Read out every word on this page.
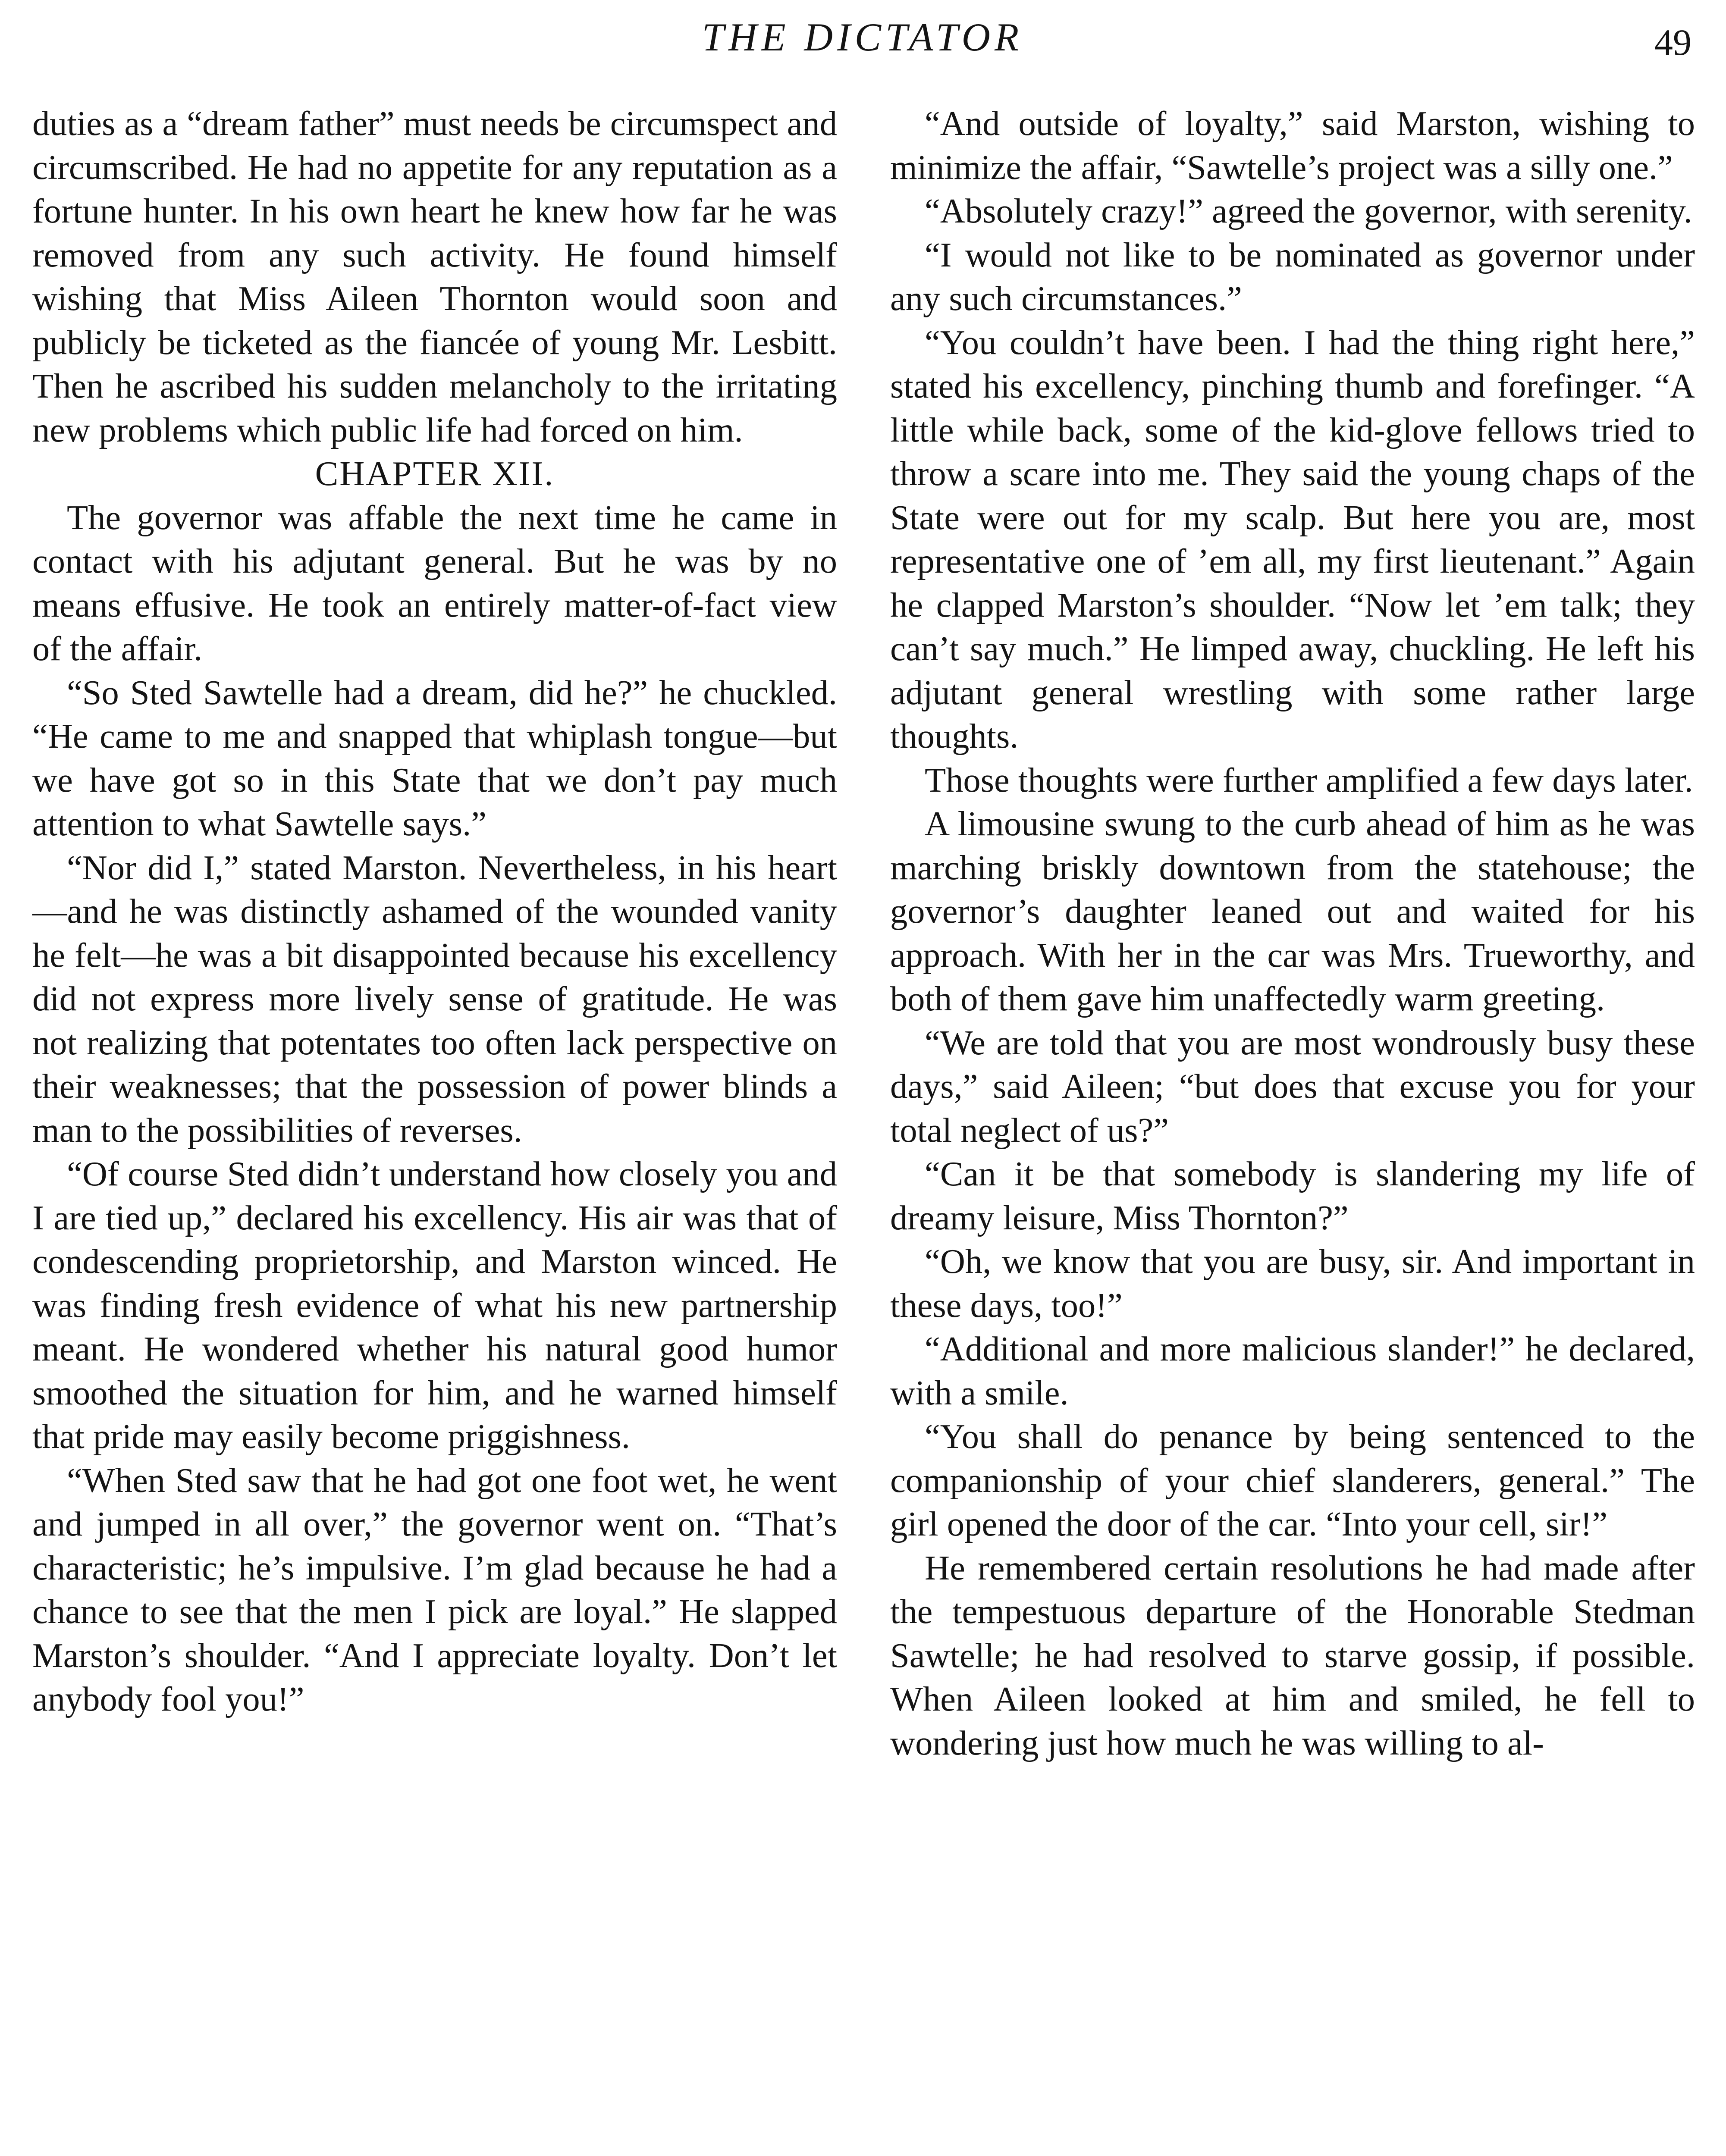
THE DICTATOR	49

duties as a “dream father” must needs be circumspect and circumscribed. He had no appetite for any reputation as a fortune hunter. In his own heart he knew how far he was removed from any such activity. He found himself wishing that Miss Aileen Thornton would soon and publicly be ticketed as the fiancée of young Mr. Lesbitt. Then he ascribed his sudden melancholy to the irritating new problems which public life had forced on him.

CHAPTER XII.

The governor was affable the next time he came in contact with his adjutant general. But he was by no means effusive. He took an entirely matter-of-fact view of the affair.

“So Sted Sawtelle had a dream, did he?” he chuckled. “He came to me and snapped that whiplash tongue—but we have got so in this State that we don’t pay much attention to what Sawtelle says.”

“Nor did I,” stated Marston. Nevertheless, in his heart—and he was distinctly ashamed of the wounded vanity he felt—he was a bit disappointed because his excellency did not express more lively sense of gratitude. He was not realizing that potentates too often lack perspective on their weaknesses; that the possession of power blinds a man to the possibilities of reverses.

“Of course Sted didn’t understand how closely you and I are tied up,” declared his excellency. His air was that of condescending proprietorship, and Marston winced. He was finding fresh evidence of what his new partnership meant. He wondered whether his natural good humor smoothed the situation for him, and he warned himself that pride may easily become priggishness.

“When Sted saw that he had got one foot wet, he went and jumped in all over,” the governor went on. “That’s characteristic; he’s impulsive. I’m glad because he had a chance to see that the men I pick are loyal.” He slapped Marston’s shoulder. “And I appreciate loyalty. Don’t let anybody fool you!”

“And outside of loyalty,” said Marston, wishing to minimize the affair, “Sawtelle’s project was a silly one.”

“Absolutely crazy!” agreed the governor, with serenity.

“I would not like to be nominated as governor under any such circumstances.”

“You couldn’t have been. I had the thing right here,” stated his excellency, pinching thumb and forefinger. “A little while back, some of the kid-glove fellows tried to throw a scare into me. They said the young chaps of the State were out for my scalp. But here you are, most representative one of ’em all, my first lieutenant.” Again he clapped Marston’s shoulder. “Now let ’em talk; they can’t say much.” He limped away, chuckling. He left his adjutant general wrestling with some rather large thoughts.

Those thoughts were further amplified a few days later.

A limousine swung to the curb ahead of him as he was marching briskly downtown from the statehouse; the governor’s daughter leaned out and waited for his approach. With her in the car was Mrs. Trueworthy, and both of them gave him unaffectedly warm greeting.

“We are told that you are most wondrously busy these days,” said Aileen; “but does that excuse you for your total neglect of us?”

“Can it be that somebody is slandering my life of dreamy leisure, Miss Thornton?”

“Oh, we know that you are busy, sir. And important in these days, too!”

“Additional and more malicious slander!” he declared, with a smile.

“You shall do penance by being sentenced to the companionship of your chief slanderers, general.” The girl opened the door of the car. “Into your cell, sir!”

He remembered certain resolutions he had made after the tempestuous departure of the Honorable Stedman Sawtelle; he had resolved to starve gossip, if possible. When Aileen looked at him and smiled, he fell to wondering just how much he was willing to al-
